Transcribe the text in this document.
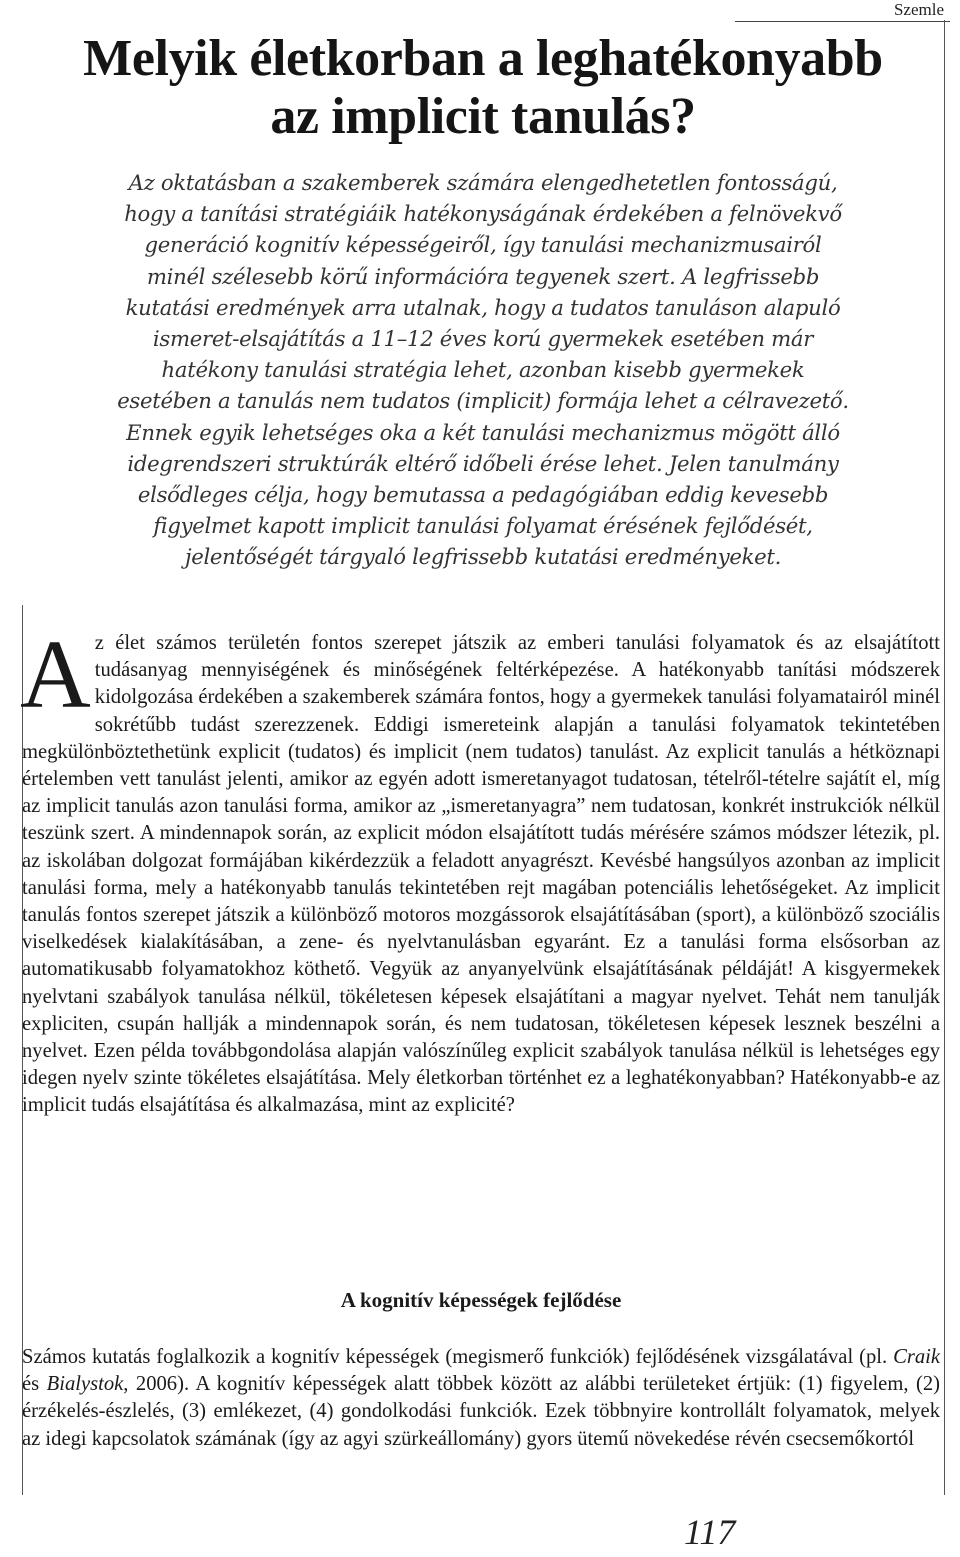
Szemle
Melyik életkorban a leghatékonyabb
az implicit tanulás?
Az oktatásban a szakemberek számára elengedhetetlen fontosságú,
hogy a tanítási stratégiáik hatékonyságának érdekében a felnövekvő
generáció kognitív képességeiről, így tanulási mechanizmusairól
minél szélesebb körű információra tegyenek szert. A legfrissebb
kutatási eredmények arra utalnak, hogy a tudatos tanuláson alapuló
ismeret-elsajátítás a 11–12 éves korú gyermekek esetében már
hatékony tanulási stratégia lehet, azonban kisebb gyermekek
esetében a tanulás nem tudatos (implicit) formája lehet a célravezető.
Ennek egyik lehetséges oka a két tanulási mechanizmus mögött álló
idegrendszeri struktúrák eltérő időbeli érése lehet. Jelen tanulmány
elsődleges célja, hogy bemutassa a pedagógiában eddig kevesebb
figyelmet kapott implicit tanulási folyamat érésének fejlődését,
jelentőségét tárgyaló legfrissebb kutatási eredményeket.

Az élet számos területén fontos szerepet játszik az emberi tanulási folyamatok és az elsajátított tudásanyag mennyiségének és minőségének feltérképezése. A hatékonyabb tanítási módszerek kidolgozása érdekében a szakemberek számára fontos, hogy a gyermekek tanulási folyamatairól minél sokrétűbb tudást szerezzenek. Eddigi ismereteink alapján a tanulási folyamatok tekintetében megkülönböztethetünk explicit (tudatos) és implicit (nem tudatos) tanulást. Az explicit tanulás a hétköznapi értelemben vett tanulást jelenti, amikor az egyén adott ismeretanyagot tudatosan, tételről-tételre sajátít el, míg az implicit tanulás azon tanulási forma, amikor az „ismeretanyagra” nem tudatosan, konkrét instrukciók nélkül teszünk szert. A mindennapok során, az explicit módon elsajátított tudás mérésére számos módszer létezik, pl. az iskolában dolgozat formájában kikérdezzük a feladott anyagrészt. Kevésbé hangsúlyos azonban az implicit tanulási forma, mely a hatékonyabb tanulás tekintetében rejt magában potenciális lehetőségeket. Az implicit tanulás fontos szerepet játszik a különböző motoros mozgássorok elsajátításában (sport), a különböző szociális viselkedések kialakításában, a zene- és nyelvtanulásban egyaránt. Ez a tanulási forma elsősorban az automatikusabb folyamatokhoz köthető. Vegyük az anyanyelvünk elsajátításának példáját! A kisgyermekek nyelvtani szabályok tanulása nélkül, tökéletesen képesek elsajátítani a magyar nyelvet. Tehát nem tanulják expliciten, csupán hallják a mindennapok során, és nem tudatosan, tökéletesen képesek lesznek beszélni a nyelvet. Ezen példa továbbgondolása alapján valószínűleg explicit szabályok tanulása nélkül is lehetséges egy idegen nyelv szinte tökéletes elsajátítása. Mely életkorban történhet ez a leghatékonyabban? Hatékonyabb-e az implicit tudás elsajátítása és alkalmazása, mint az explicité?

A kognitív képességek fejlődése

Számos kutatás foglalkozik a kognitív képességek (megismerő funkciók) fejlődésének vizsgálatával (pl. Craik és Bialystok, 2006). A kognitív képességek alatt többek között az alábbi területeket értjük: (1) figyelem, (2) érzékelés-észlelés, (3) emlékezet, (4) gondolkodási funkciók. Ezek többnyire kontrollált folyamatok, melyek az idegi kapcsolatok számának (így az agyi szürkeállomány) gyors ütemű növekedése révén csecsemőkortól

117
